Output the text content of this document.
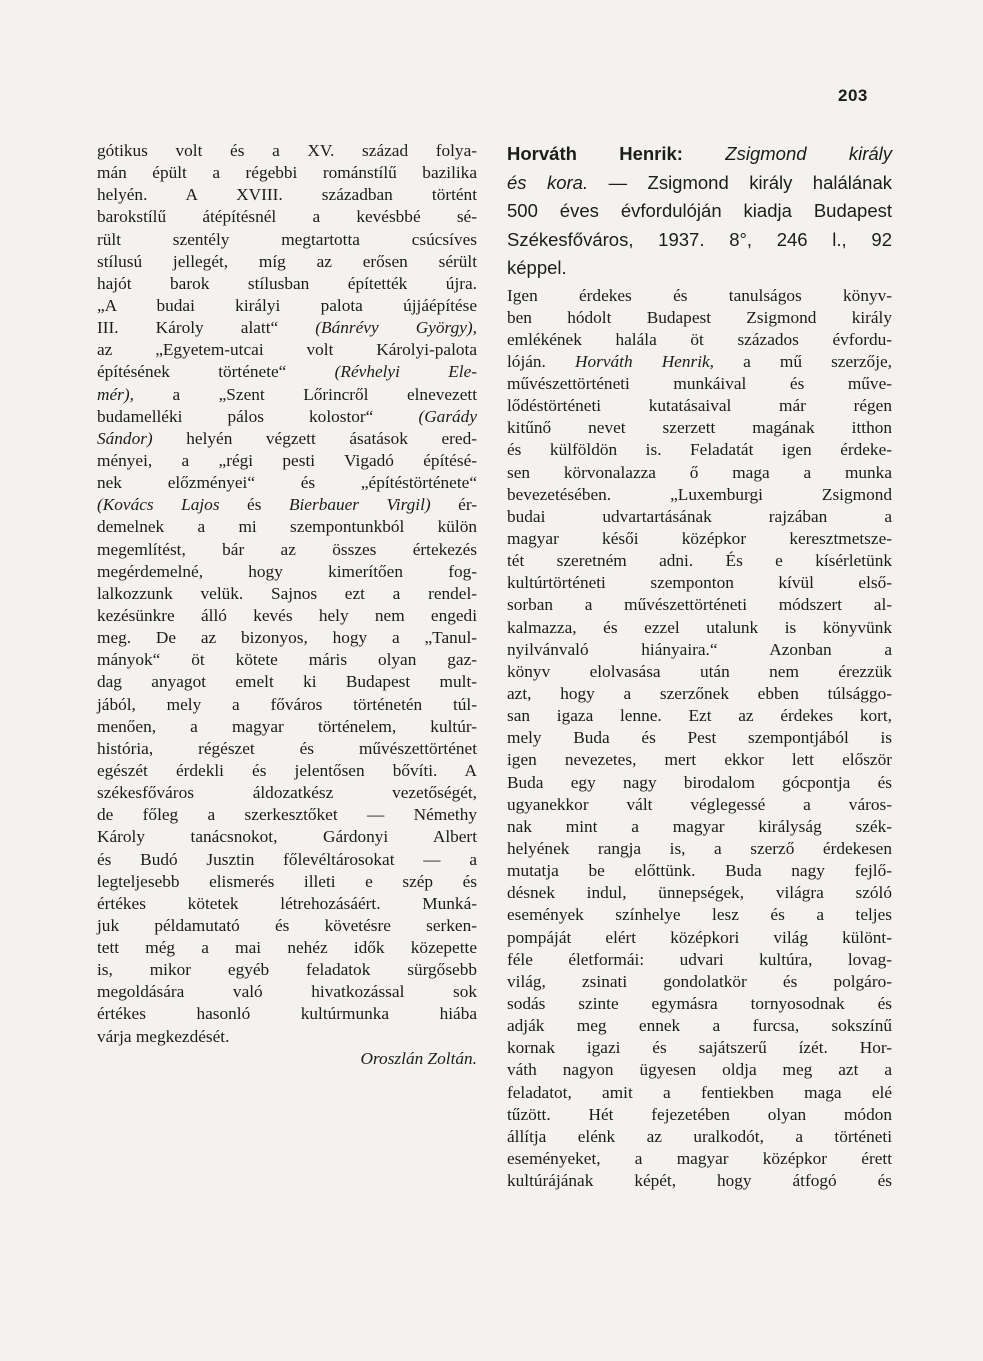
203
gótikus volt és a XV. század folya-
mán épült a régebbi románstílű bazilika
helyén. A XVIII. században történt
barokstílű átépítésnél a kevésbbé sé-
rült szentély megtartotta csúcsíves
stílusú jellegét, míg az erősen sérült
hajót barok stílusban építették újra.
„A budai királyi palota újjáépítése
III. Károly alatt“ (Bánrévy György),
az „Egyetem-utcai volt Károlyi-palota
építésének története“ (Révhelyi Ele-
mér), a „Szent Lőrincről elnevezett
budamelléki pálos kolostor“ (Garády
Sándor) helyén végzett ásatások ered-
ményei, a „régi pesti Vigadó építésé-
nek előzményei“ és „építéstörténete“
(Kovács Lajos és Bierbauer Virgil) ér-
demelnek a mi szempontunkból külön
megemlítést, bár az összes értekezés
megérdemelné, hogy kimerítően fog-
lalkozzunk velük. Sajnos ezt a rendel-
kezésünkre álló kevés hely nem engedi
meg. De az bizonyos, hogy a „Tanul-
mányok“ öt kötete máris olyan gaz-
dag anyagot emelt ki Budapest mult-
jából, mely a főváros történetén túl-
menően, a magyar történelem, kultúr-
história, régészet és művészettörténet
egészét érdekli és jelentősen bővíti. A
székesfőváros áldozatkész vezetőségét,
de főleg a szerkesztőket — Némethy
Károly tanácsnokot, Gárdonyi Albert
és Budó Jusztin főlevéltárosokat — a
legteljesebb elismerés illeti e szép és
értékes kötetek létrehozásáért. Munká-
juk példamutató és követésre serken-
tett még a mai nehéz idők közepette
is, mikor egyéb feladatok sürgősebb
megoldására való hivatkozással sok
értékes hasonló kultúrmunka hiába
várja megkezdését.
Oroszlán Zoltán.
Horváth Henrik: Zsigmond király
és kora. — Zsigmond király halálának
500 éves évfordulóján kiadja Budapest
Székesfőváros, 1937. 8°, 246 l., 92
képpel.
Igen érdekes és tanulságos könyv-
ben hódolt Budapest Zsigmond király
emlékének halála öt százados évfordu-
lóján. Horváth Henrik, a mű szerzője,
művészettörténeti munkáival és műve-
lődéstörténeti kutatásaival már régen
kitűnő nevet szerzett magának itthon
és külföldön is. Feladatát igen érdeke-
sen körvonalazza ő maga a munka
bevezetésében. „Luxemburgi Zsigmond
budai udvartartásának rajzában a
magyar késői középkor keresztmetsze-
tét szeretném adni. És e kísérletünk
kultúrtörténeti szemponton kívül első-
sorban a művészettörténeti módszert al-
kalmazza, és ezzel utalunk is könyvünk
nyilvánvaló hiányaira.“ Azonban a
könyv elolvasása után nem érezzük
azt, hogy a szerzőnek ebben túlsággo-
san igaza lenne. Ezt az érdekes kort,
mely Buda és Pest szempontjából is
igen nevezetes, mert ekkor lett először
Buda egy nagy birodalom gócpontja és
ugyanekkor vált véglegessé a város-
nak mint a magyar királyság szék-
helyének rangja is, a szerző érdekesen
mutatja be előttünk. Buda nagy fejlő-
désnek indul, ünnepségek, világra szóló
események színhelye lesz és a teljes
pompáját elért középkori világ különt-
féle életformái: udvari kultúra, lovag-
világ, zsinati gondolatkör és polgáro-
sodás szinte egymásra tornyosodnak és
adják meg ennek a furcsa, sokszínű
kornak igazi és sajátszerű ízét. Hor-
váth nagyon ügyesen oldja meg azt a
feladatot, amit a fentiekben maga elé
tűzött. Hét fejezetében olyan módon
állítja elénk az uralkodót, a történeti
eseményeket, a magyar középkor érett
kultúrájának képét, hogy átfogó és
